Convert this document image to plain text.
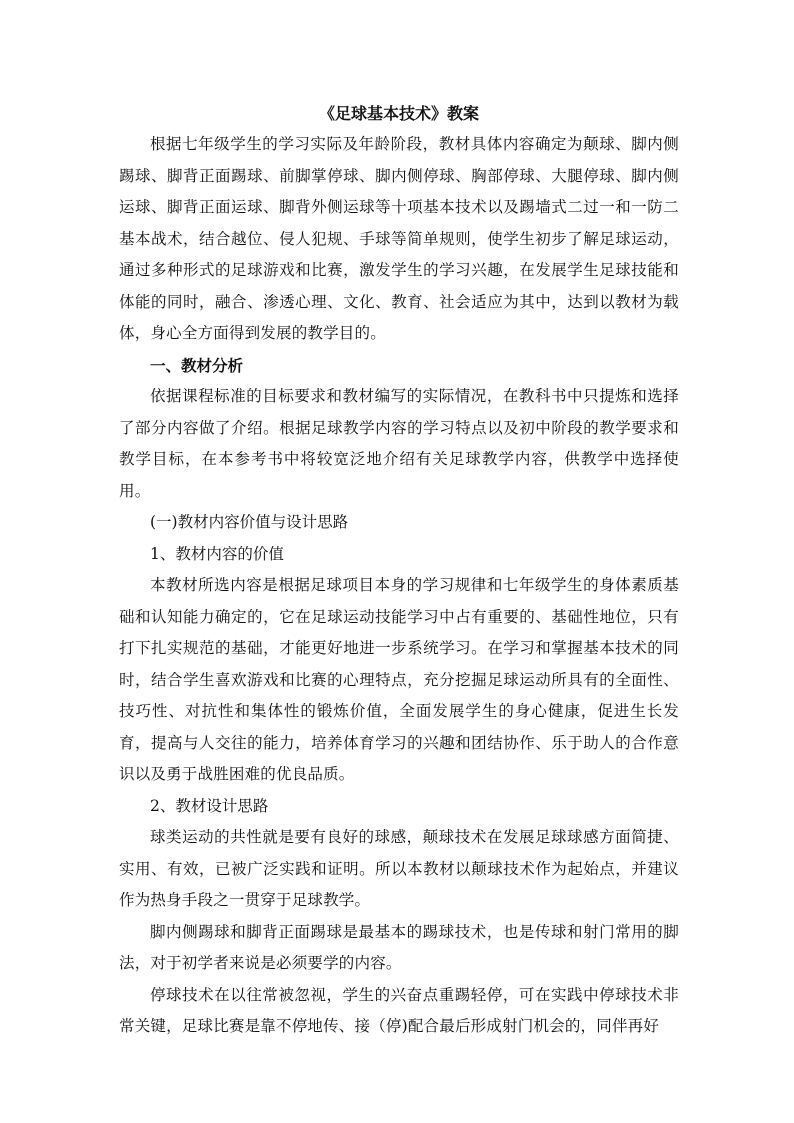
《足球基本技术》教案

根据七年级学生的学习实际及年龄阶段，教材具体内容确定为颠球、脚内侧踢球、脚背正面踢球、前脚掌停球、脚内侧停球、胸部停球、大腿停球、脚内侧运球、脚背正面运球、脚背外侧运球等十项基本技术以及踢墙式二过一和一防二基本战术，结合越位、侵人犯规、手球等简单规则，使学生初步了解足球运动，通过多种形式的足球游戏和比赛，激发学生的学习兴趣，在发展学生足球技能和体能的同时，融合、渗透心理、文化、教育、社会适应为其中，达到以教材为载体，身心全方面得到发展的教学目的。

一、教材分析

依据课程标准的目标要求和教材编写的实际情况，在教科书中只提炼和选择了部分内容做了介绍。根据足球教学内容的学习特点以及初中阶段的教学要求和教学目标，在本参考书中将较宽泛地介绍有关足球教学内容，供教学中选择使用。

(一)教材内容价值与设计思路

1、教材内容的价值

本教材所选内容是根据足球项目本身的学习规律和七年级学生的身体素质基础和认知能力确定的，它在足球运动技能学习中占有重要的、基础性地位，只有打下扎实规范的基础，才能更好地进一步系统学习。在学习和掌握基本技术的同时，结合学生喜欢游戏和比赛的心理特点，充分挖掘足球运动所具有的全面性、技巧性、对抗性和集体性的锻炼价值，全面发展学生的身心健康，促进生长发育，提高与人交往的能力，培养体育学习的兴趣和团结协作、乐于助人的合作意识以及勇于战胜困难的优良品质。

2、教材设计思路

球类运动的共性就是要有良好的球感，颠球技术在发展足球球感方面简捷、实用、有效，已被广泛实践和证明。所以本教材以颠球技术作为起始点，并建议作为热身手段之一贯穿于足球教学。

脚内侧踢球和脚背正面踢球是最基本的踢球技术，也是传球和射门常用的脚法，对于初学者来说是必须要学的内容。

停球技术在以往常被忽视，学生的兴奋点重踢轻停，可在实践中停球技术非常关键，足球比赛是靠不停地传、接（停)配合最后形成射门机会的，同伴再好
